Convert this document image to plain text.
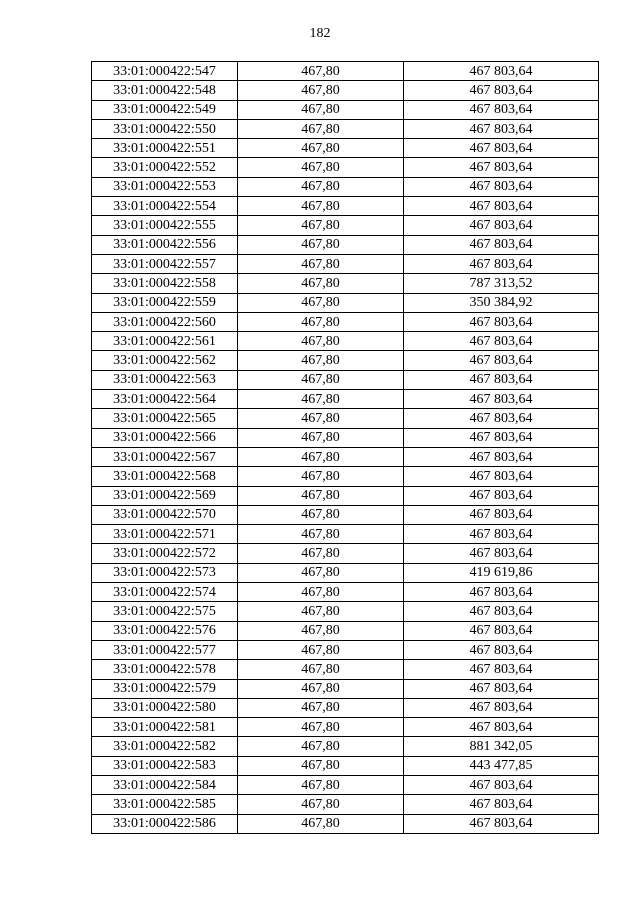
182
33:01:000422:547	467,80	467 803,64
33:01:000422:548	467,80	467 803,64
33:01:000422:549	467,80	467 803,64
33:01:000422:550	467,80	467 803,64
33:01:000422:551	467,80	467 803,64
33:01:000422:552	467,80	467 803,64
33:01:000422:553	467,80	467 803,64
33:01:000422:554	467,80	467 803,64
33:01:000422:555	467,80	467 803,64
33:01:000422:556	467,80	467 803,64
33:01:000422:557	467,80	467 803,64
33:01:000422:558	467,80	787 313,52
33:01:000422:559	467,80	350 384,92
33:01:000422:560	467,80	467 803,64
33:01:000422:561	467,80	467 803,64
33:01:000422:562	467,80	467 803,64
33:01:000422:563	467,80	467 803,64
33:01:000422:564	467,80	467 803,64
33:01:000422:565	467,80	467 803,64
33:01:000422:566	467,80	467 803,64
33:01:000422:567	467,80	467 803,64
33:01:000422:568	467,80	467 803,64
33:01:000422:569	467,80	467 803,64
33:01:000422:570	467,80	467 803,64
33:01:000422:571	467,80	467 803,64
33:01:000422:572	467,80	467 803,64
33:01:000422:573	467,80	419 619,86
33:01:000422:574	467,80	467 803,64
33:01:000422:575	467,80	467 803,64
33:01:000422:576	467,80	467 803,64
33:01:000422:577	467,80	467 803,64
33:01:000422:578	467,80	467 803,64
33:01:000422:579	467,80	467 803,64
33:01:000422:580	467,80	467 803,64
33:01:000422:581	467,80	467 803,64
33:01:000422:582	467,80	881 342,05
33:01:000422:583	467,80	443 477,85
33:01:000422:584	467,80	467 803,64
33:01:000422:585	467,80	467 803,64
33:01:000422:586	467,80	467 803,64
